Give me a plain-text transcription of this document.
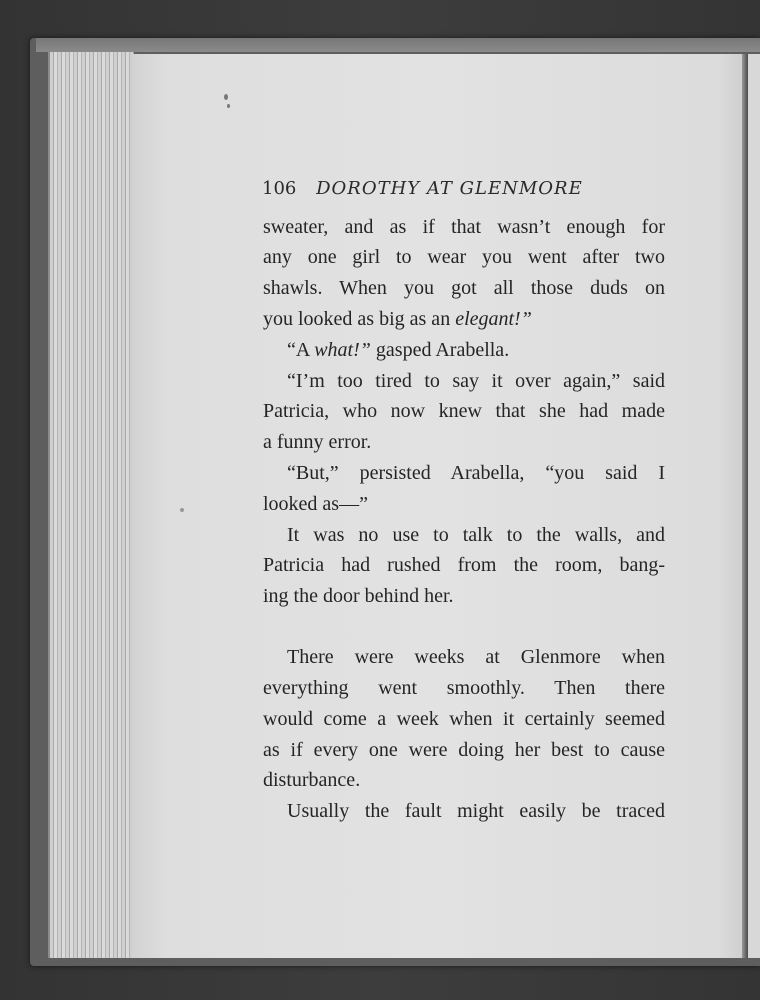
106 DOROTHY AT GLENMORE
sweater, and as if that wasn’t enough for
any one girl to wear you went after two
shawls. When you got all those duds on
you looked as big as an elegant!”
“A what!” gasped Arabella.
“I’m too tired to say it over again,” said
Patricia, who now knew that she had made
a funny error.
“But,” persisted Arabella, “you said I
looked as—”
It was no use to talk to the walls, and
Patricia had rushed from the room, bang-
ing the door behind her.
There were weeks at Glenmore when
everything went smoothly. Then there
would come a week when it certainly seemed
as if every one were doing her best to cause
disturbance.
Usually the fault might easily be traced
